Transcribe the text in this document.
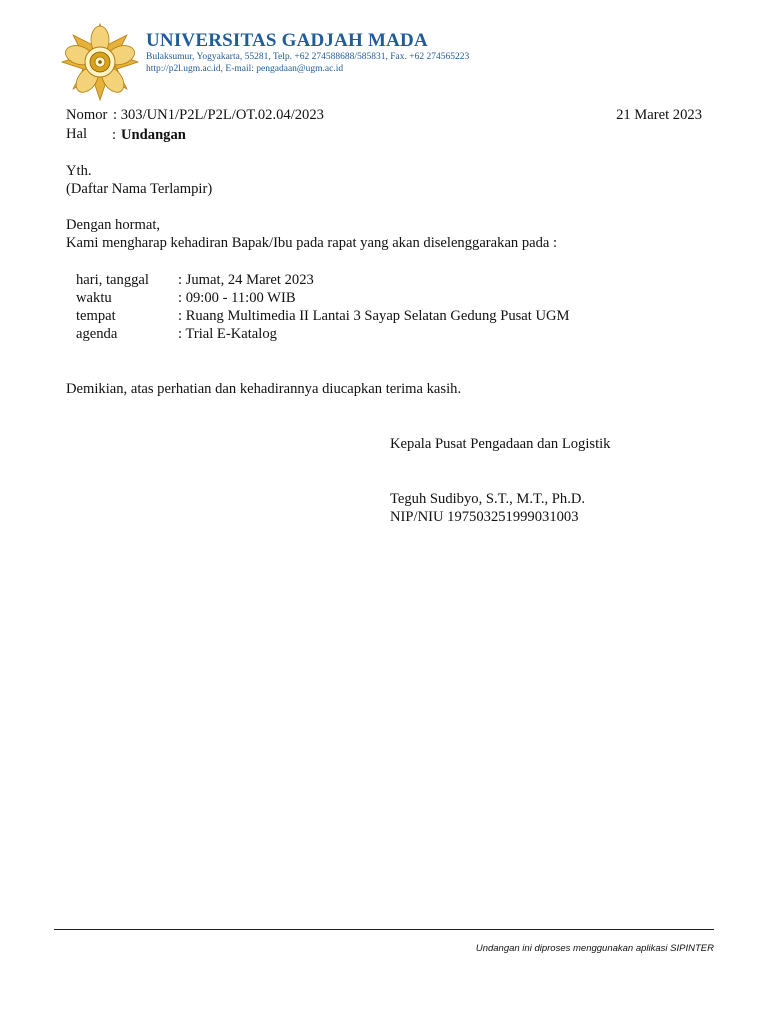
UNIVERSITAS GADJAH MADA
Bulaksumur, Yogyakarta, 55281, Telp. +62 274588688/585831, Fax. +62 274565223
http://p2l.ugm.ac.id, E-mail: pengadaan@ugm.ac.id
Nomor : 303/UN1/P2L/P2L/OT.02.04/2023	21 Maret 2023
Hal : Undangan
Yth.
(Daftar Nama Terlampir)
Dengan hormat,
Kami mengharap kehadiran Bapak/Ibu pada rapat yang akan diselenggarakan pada :
hari, tanggal : Jumat, 24 Maret 2023
waktu	: 09:00 - 11:00 WIB
tempat	: Ruang Multimedia II Lantai 3 Sayap Selatan Gedung Pusat UGM
agenda	: Trial E-Katalog
Demikian, atas perhatian dan kehadirannya diucapkan terima kasih.
Kepala Pusat Pengadaan dan Logistik
Teguh Sudibyo, S.T., M.T., Ph.D.
NIP/NIU 197503251999031003
Undangan ini diproses menggunakan aplikasi SIPINTER
